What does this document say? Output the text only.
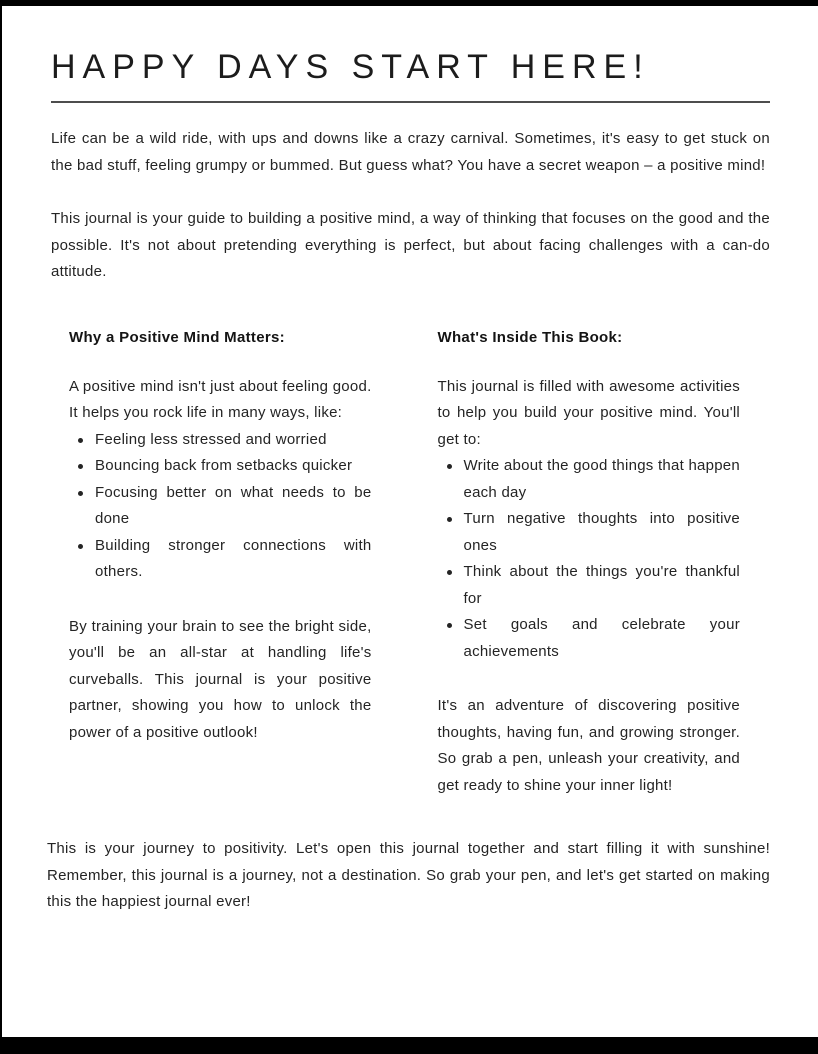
HAPPY DAYS START HERE!

Life can be a wild ride, with ups and downs like a crazy carnival. Sometimes, it's easy to get stuck on the bad stuff, feeling grumpy or bummed. But guess what? You have a secret weapon – a positive mind!

This journal is your guide to building a positive mind, a way of thinking that focuses on the good and the possible. It's not about pretending everything is perfect, but about facing challenges with a can-do attitude.

Why a Positive Mind Matters:

A positive mind isn't just about feeling good. It helps you rock life in many ways, like:

Feeling less stressed and worried
Bouncing back from setbacks quicker
Focusing better on what needs to be done
Building stronger connections with others.

By training your brain to see the bright side, you'll be an all-star at handling life's curveballs. This journal is your positive partner, showing you how to unlock the power of a positive outlook!

What's Inside This Book:

This journal is filled with awesome activities to help you build your positive mind. You'll get to:

Write about the good things that happen each day
Turn negative thoughts into positive ones
Think about the things you're thankful for
Set goals and celebrate your achievements

It's an adventure of discovering positive thoughts, having fun, and growing stronger. So grab a pen, unleash your creativity, and get ready to shine your inner light!

This is your journey to positivity. Let's open this journal together and start filling it with sunshine! Remember, this journal is a journey, not a destination. So grab your pen, and let's get started on making this the happiest journal ever!
